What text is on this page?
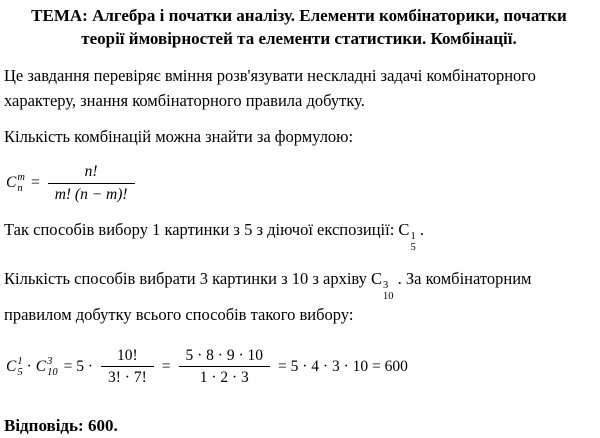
ТЕМА: Алгебра і початки аналізу. Елементи комбінаторики, початки
теорії ймовірностей та елементи статистики. Комбінації.

Це завдання перевіряє вміння розв'язувати нескладні задачі комбінаторного характеру, знання комбінаторного правила добутку.

Кількість комбінацій можна знайти за формулою:

C m
$n = \frac{n!}{m! (n - m)!}$

Так способів вибору 1 картинки з 5 з діючої експозиції: C 1
5
.

Кількість способів вибрати 3 картинки з 10 з архіву C 3
10
. За комбінаторним правилом добутку всього способів такого вибору:

C 1
5 · C 3
$10 = 5 \cdot \frac{10!}{3! \cdot 7!} = \frac{5 \cdot 8 \cdot 9 \cdot 10}{1 \cdot 2 \cdot 3} = 5 \cdot 4 \cdot 3 \cdot 10 = 600$

Відповідь: 600.
